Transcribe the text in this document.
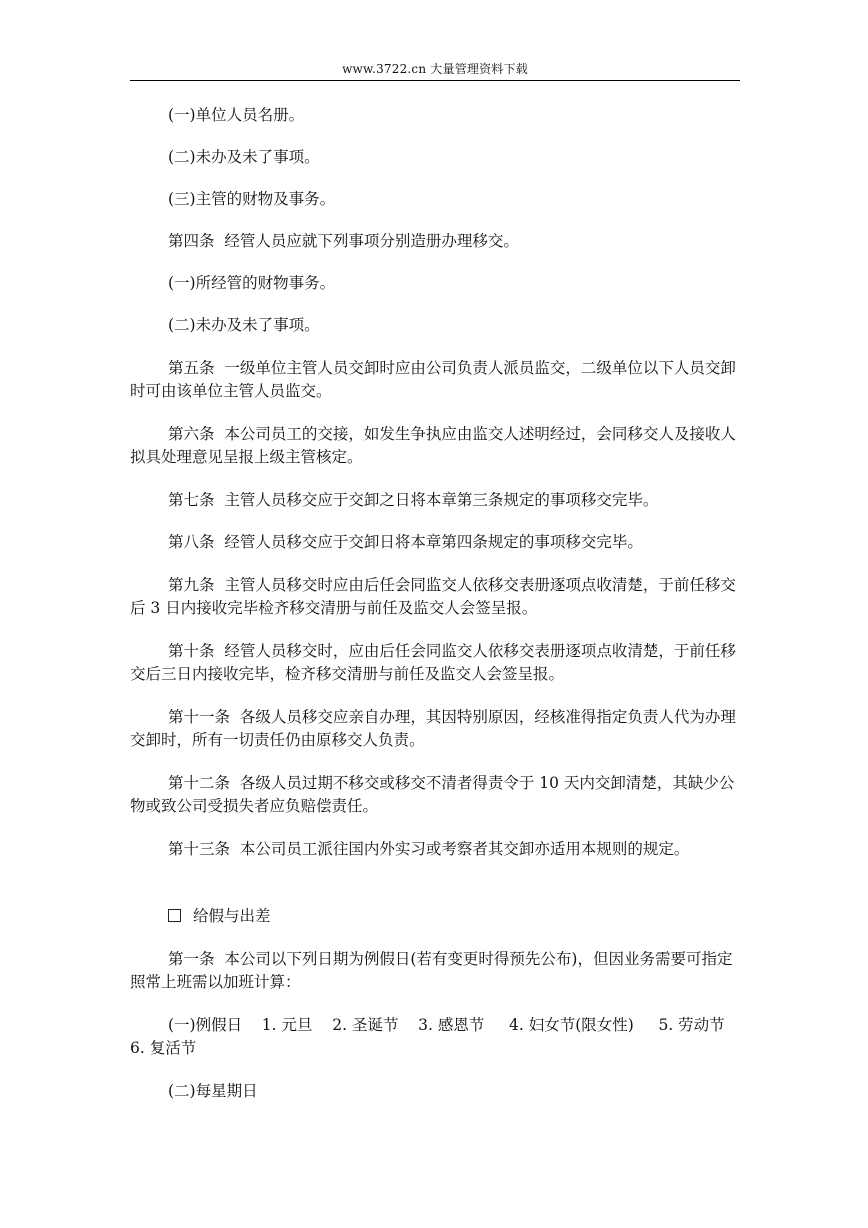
www.3722.cn 大量管理资料下载

(一)单位人员名册。

(二)未办及未了事项。

(三)主管的财物及事务。

第四条  经管人员应就下列事项分别造册办理移交。

(一)所经管的财物事务。

(二)未办及未了事项。

第五条  一级单位主管人员交卸时应由公司负责人派员监交，二级单位以下人员交卸时可由该单位主管人员监交。

第六条  本公司员工的交接，如发生争执应由监交人述明经过，会同移交人及接收人拟具处理意见呈报上级主管核定。

第七条  主管人员移交应于交卸之日将本章第三条规定的事项移交完毕。

第八条  经管人员移交应于交卸日将本章第四条规定的事项移交完毕。

第九条  主管人员移交时应由后任会同监交人依移交表册逐项点收清楚，于前任移交后 3 日内接收完毕检齐移交清册与前任及监交人会签呈报。

第十条  经管人员移交时，应由后任会同监交人依移交表册逐项点收清楚，于前任移交后三日内接收完毕，检齐移交清册与前任及监交人会签呈报。

第十一条  各级人员移交应亲自办理，其因特别原因，经核准得指定负责人代为办理交卸时，所有一切责任仍由原移交人负责。

第十二条  各级人员过期不移交或移交不清者得责令于 10 天内交卸清楚，其缺少公物或致公司受损失者应负赔偿责任。

第十三条  本公司员工派往国内外实习或考察者其交卸亦适用本规则的规定。

给假与出差

第一条  本公司以下列日期为例假日(若有变更时得预先公布)，但因业务需要可指定照常上班需以加班计算：

(一)例假日    1. 元旦    2. 圣诞节    3. 感恩节     4. 妇女节(限女性)     5. 劳动节    6. 复活节

(二)每星期日
